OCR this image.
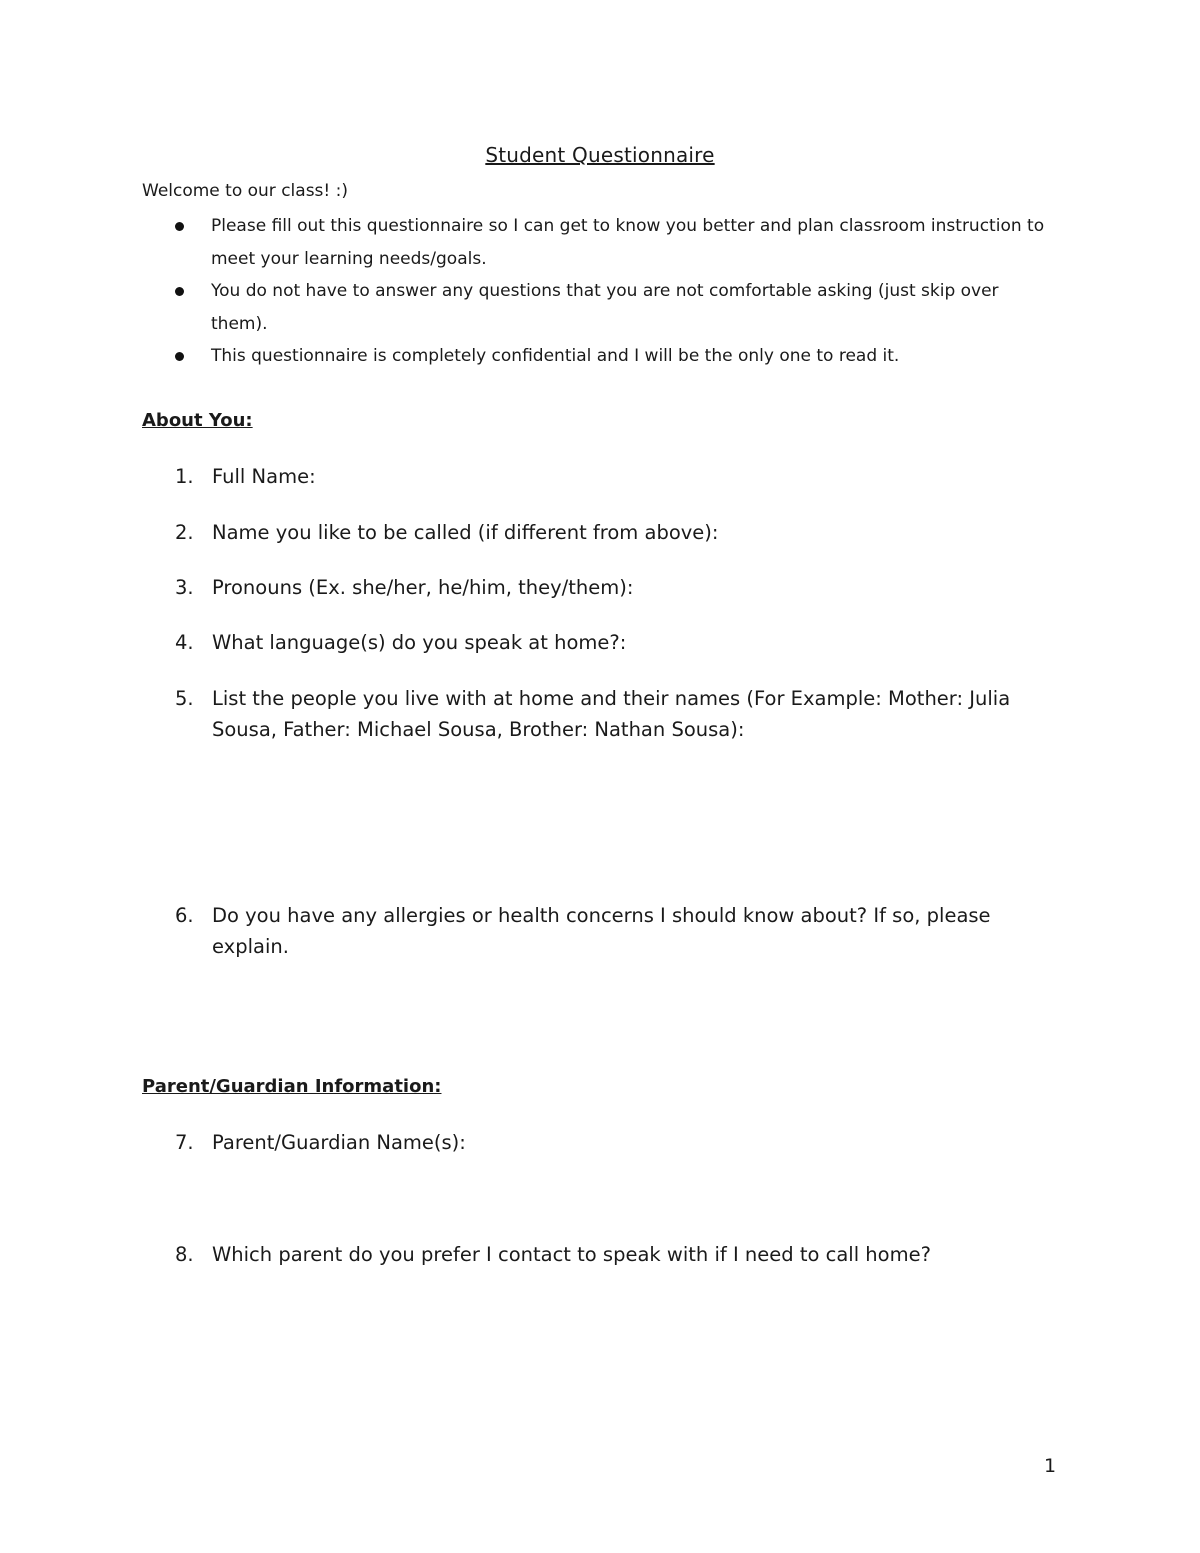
Student Questionnaire
Welcome to our class! :)
Please fill out this questionnaire so I can get to know you better and plan classroom instruction to meet your learning needs/goals.
You do not have to answer any questions that you are not comfortable asking (just skip over them).
This questionnaire is completely confidential and I will be the only one to read it.
About You:
1. Full Name:
2. Name you like to be called (if different from above):
3. Pronouns (Ex. she/her, he/him, they/them):
4. What language(s) do you speak at home?:
5. List the people you live with at home and their names (For Example: Mother: Julia Sousa, Father: Michael Sousa, Brother: Nathan Sousa):
6. Do you have any allergies or health concerns I should know about? If so, please explain.
Parent/Guardian Information:
7. Parent/Guardian Name(s):
8. Which parent do you prefer I contact to speak with if I need to call home?
1
